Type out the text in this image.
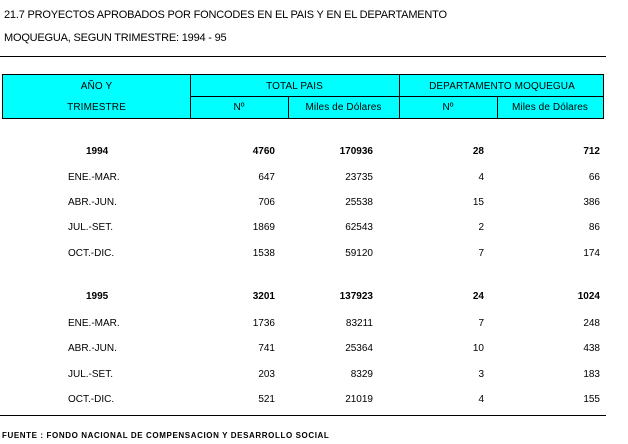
21.7 PROYECTOS APROBADOS POR FONCODES EN EL PAIS Y EN EL DEPARTAMENTO
MOQUEGUA, SEGUN TRIMESTRE: 1994 - 95
AÑO Y
TRIMESTRE
TOTAL PAIS	DEPARTAMENTO MOQUEGUA
Nº	Miles de Dólares	Nº	Miles de Dólares
1994	4760	170936	28	712
ENE.-MAR.	647	23735	4	66
ABR.-JUN.	706	25538	15	386
JUL.-SET.	1869	62543	2	86
OCT.-DIC.	1538	59120	7	174
1995	3201	137923	24	1024
ENE.-MAR.	1736	83211	7	248
ABR.-JUN.	741	25364	10	438
JUL.-SET.	203	8329	3	183
OCT.-DIC.	521	21019	4	155
FUENTE : FONDO NACIONAL DE COMPENSACION Y DESARROLLO SOCIAL
